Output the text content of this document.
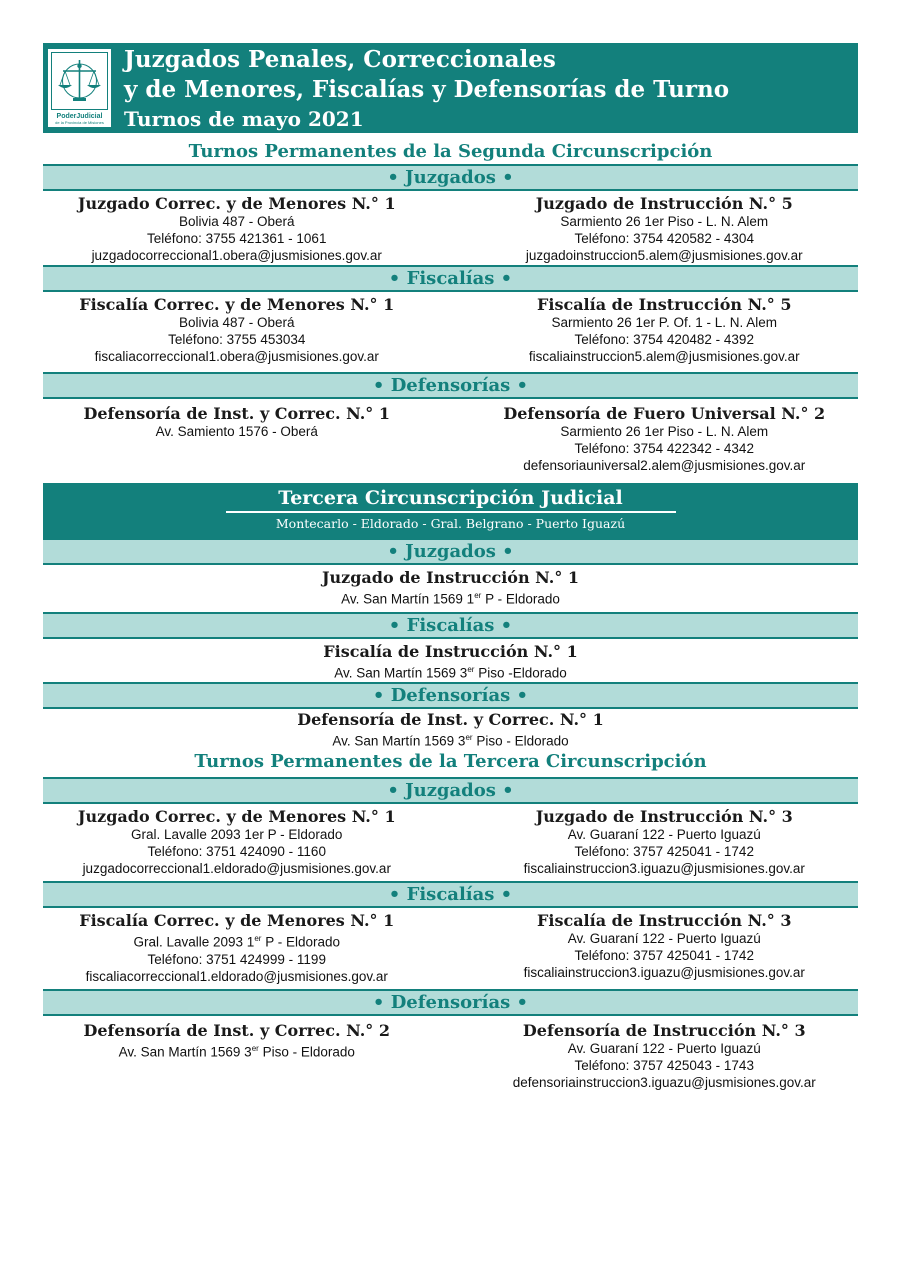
PoderJudicial
de la Provincia de Misiones
Juzgados Penales, Correccionales
y de Menores, Fiscalías y Defensorías de Turno
Turnos de mayo 2021
Turnos Permanentes de la Segunda Circunscripción
• Juzgados •
Juzgado Correc. y de Menores N.° 1
Bolivia 487 - Oberá
Teléfono: 3755 421361 - 1061
juzgadocorreccional1.obera@jusmisiones.gov.ar
Juzgado de Instrucción N.° 5
Sarmiento 26 1er Piso - L. N. Alem
Teléfono: 3754 420582 - 4304
juzgadoinstruccion5.alem@jusmisiones.gov.ar
• Fiscalías •
Fiscalía Correc. y de Menores N.° 1
Bolivia 487 - Oberá
Teléfono: 3755 453034
fiscaliacorreccional1.obera@jusmisiones.gov.ar
Fiscalía de Instrucción N.° 5
Sarmiento 26 1er P. Of. 1 - L. N. Alem
Teléfono: 3754 420482 - 4392
fiscaliainstruccion5.alem@jusmisiones.gov.ar
• Defensorías •
Defensoría de Inst. y Correc. N.° 1
Av. Samiento 1576 - Oberá
Defensoría de Fuero Universal N.° 2
Sarmiento 26 1er Piso - L. N. Alem
Teléfono: 3754 422342 - 4342
defensoriauniversal2.alem@jusmisiones.gov.ar
Tercera Circunscripción Judicial
Montecarlo - Eldorado - Gral. Belgrano - Puerto Iguazú
• Juzgados •
Juzgado de Instrucción N.° 1
Av. San Martín 1569 1er P - Eldorado
• Fiscalías •
Fiscalía de Instrucción N.° 1
Av. San Martín 1569 3er Piso -Eldorado
• Defensorías •
Defensoría de Inst. y Correc. N.° 1
Av. San Martín 1569 3er Piso - Eldorado
Turnos Permanentes de la Tercera Circunscripción
• Juzgados •
Juzgado Correc. y de Menores N.° 1
Gral. Lavalle 2093 1er P - Eldorado
Teléfono: 3751 424090 - 1160
juzgadocorreccional1.eldorado@jusmisiones.gov.ar
Juzgado de Instrucción N.° 3
Av. Guaraní 122 - Puerto Iguazú
Teléfono: 3757 425041 - 1742
fiscaliainstruccion3.iguazu@jusmisiones.gov.ar
• Fiscalías •
Fiscalía Correc. y de Menores N.° 1
Gral. Lavalle 2093 1er P - Eldorado
Teléfono: 3751 424999 - 1199
fiscaliacorreccional1.eldorado@jusmisiones.gov.ar
Fiscalía de Instrucción N.° 3
Av. Guaraní 122 - Puerto Iguazú
Teléfono: 3757 425041 - 1742
fiscaliainstruccion3.iguazu@jusmisiones.gov.ar
• Defensorías •
Defensoría de Inst. y Correc. N.° 2
Av. San Martín 1569 3er Piso - Eldorado
Defensoría de Instrucción N.° 3
Av. Guaraní 122 - Puerto Iguazú
Teléfono: 3757 425043 - 1743
defensoriainstruccion3.iguazu@jusmisiones.gov.ar
